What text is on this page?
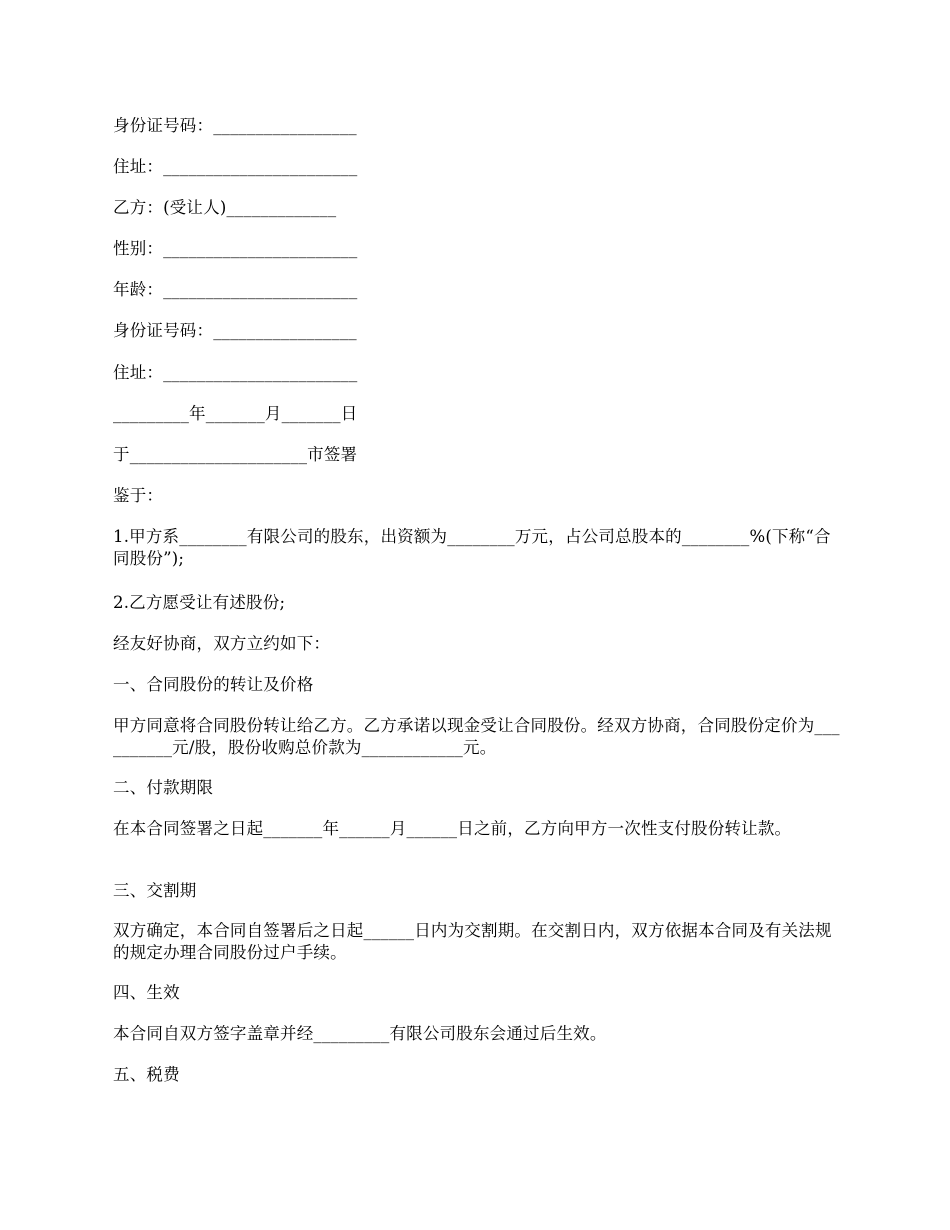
身份证号码：_________________
住址：_______________________
乙方：(受让人)_____________
性别：_______________________
年龄：_______________________
身份证号码：_________________
住址：_______________________
_________年_______月_______日
于_____________________市签署
鉴于：
1.甲方系________有限公司的股东，出资额为________万元，占公司总股本的________%(下称“合同股份”);
2.乙方愿受让有述股份;
经友好协商，双方立约如下：
一、合同股份的转让及价格
甲方同意将合同股份转让给乙方。乙方承诺以现金受让合同股份。经双方协商，合同股份定价为__________元/股，股份收购总价款为____________元。
二、付款期限
在本合同签署之日起_______年______月______日之前，乙方向甲方一次性支付股份转让款。
三、交割期
双方确定，本合同自签署后之日起______日内为交割期。在交割日内，双方依据本合同及有关法规的规定办理合同股份过户手续。
四、生效
本合同自双方签字盖章并经_________有限公司股东会通过后生效。
五、税费
